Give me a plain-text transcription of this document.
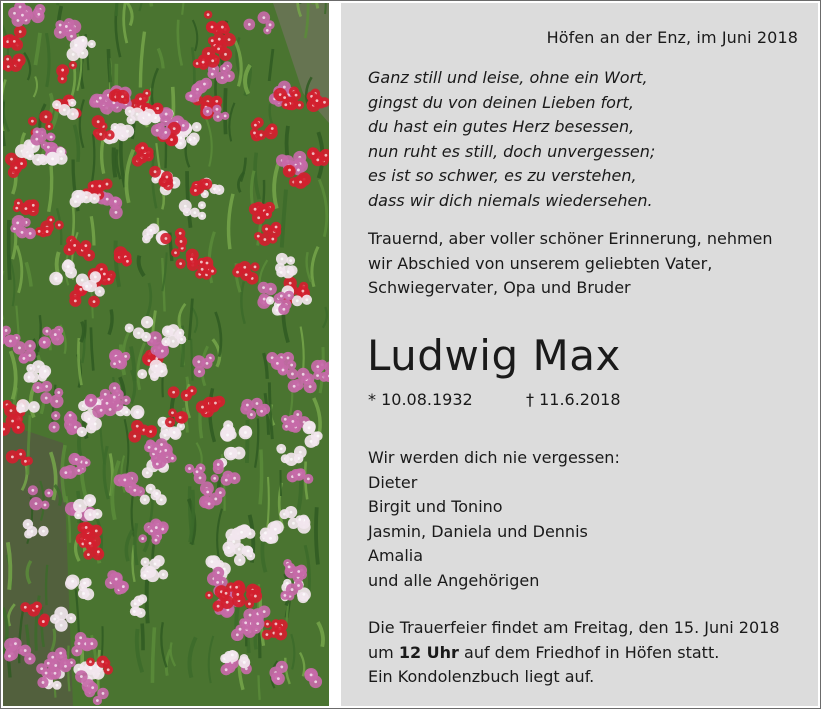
Höfen an der Enz, im Juni 2018
Ganz still und leise, ohne ein Wort,
gingst du von deinen Lieben fort,
du hast ein gutes Herz besessen,
nun ruht es still, doch unvergessen;
es ist so schwer, es zu verstehen,
dass wir dich niemals wiedersehen.
Trauernd, aber voller schöner Erinnerung, nehmen
wir Abschied von unserem geliebten Vater,
Schwiegervater, Opa und Bruder
Ludwig Max
* 10.08.1932	† 11.6.2018
Wir werden dich nie vergessen:
Dieter
Birgit und Tonino
Jasmin, Daniela und Dennis
Amalia
und alle Angehörigen
Die Trauerfeier findet am Freitag, den 15. Juni 2018
um 12 Uhr auf dem Friedhof in Höfen statt.
Ein Kondolenzbuch liegt auf.
